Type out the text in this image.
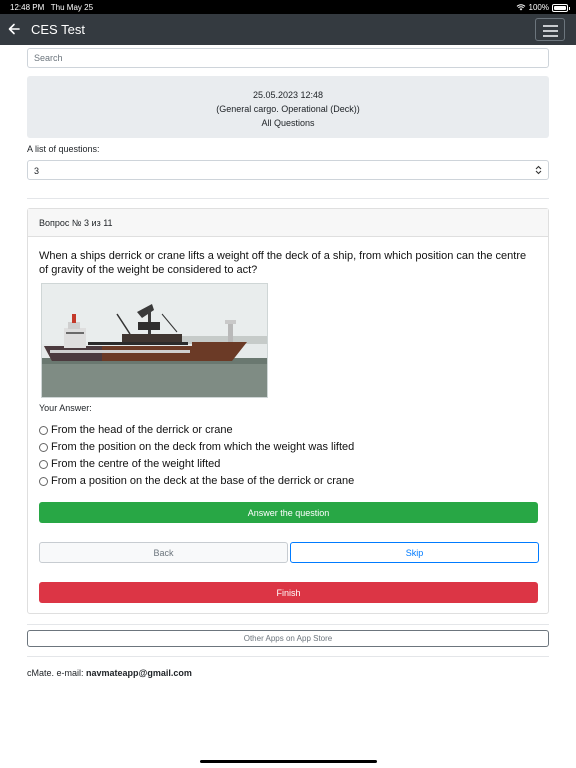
12:48 PM Thu May 25	100%
CES Test
Search
25.05.2023 12:48
(General cargo. Operational (Deck))
All Questions
A list of questions:
3
Вопрос № 3 из 11
When a ships derrick or crane lifts a weight off the deck of a ship, from which position can the centre of gravity of the weight be considered to act?
Your Answer:
From the head of the derrick or crane
From the position on the deck from which the weight was lifted
From the centre of the weight lifted
From a position on the deck at the base of the derrick or crane
Answer the question
Back	Skip
Finish
Other Apps on App Store
cMate. e-mail: navmateapp@gmail.com
